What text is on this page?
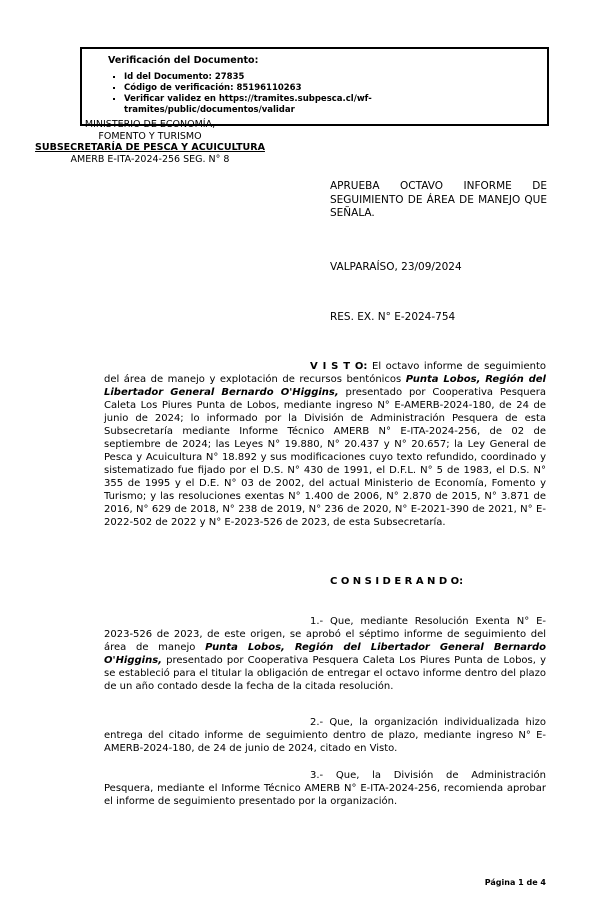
Verificación del Documento:
▪ Id del Documento: 27835
▪ Código de verificación: 85196110263
▪ Verificar validez en https://tramites.subpesca.cl/wf-tramites/public/documentos/validar
MINISTERIO DE ECONOMÍA,
FOMENTO Y TURISMO
SUBSECRETARÍA DE PESCA Y ACUICULTURA
AMERB E-ITA-2024-256 SEG. N° 8
APRUEBA OCTAVO INFORME DE SEGUIMIENTO DE ÁREA DE MANEJO QUE SEÑALA.
VALPARAÍSO, 23/09/2024
RES. EX. N° E-2024-754
V I S T O: El octavo informe de seguimiento del área de manejo y explotación de recursos bentónicos Punta Lobos, Región del Libertador General Bernardo O'Higgins, presentado por Cooperativa Pesquera Caleta Los Piures Punta de Lobos, mediante ingreso N° E-AMERB-2024-180, de 24 de junio de 2024; lo informado por la División de Administración Pesquera de esta Subsecretaría mediante Informe Técnico AMERB N° E-ITA-2024-256, de 02 de septiembre de 2024; las Leyes N° 19.880, N° 20.437 y N° 20.657; la Ley General de Pesca y Acuicultura N° 18.892 y sus modificaciones cuyo texto refundido, coordinado y sistematizado fue fijado por el D.S. N° 430 de 1991, el D.F.L. N° 5 de 1983, el D.S. N° 355 de 1995 y el D.E. N° 03 de 2002, del actual Ministerio de Economía, Fomento y Turismo; y las resoluciones exentas N° 1.400 de 2006, N° 2.870 de 2015, N° 3.871 de 2016, N° 629 de 2018, N° 238 de 2019, N° 236 de 2020, N° E-2021-390 de 2021, N° E-2022-502 de 2022 y N° E-2023-526 de 2023, de esta Subsecretaría.
C O N S I D E R A N D O:
1.- Que, mediante Resolución Exenta N° E-2023-526 de 2023, de este origen, se aprobó el séptimo informe de seguimiento del área de manejo Punta Lobos, Región del Libertador General Bernardo O'Higgins, presentado por Cooperativa Pesquera Caleta Los Piures Punta de Lobos, y se estableció para el titular la obligación de entregar el octavo informe dentro del plazo de un año contado desde la fecha de la citada resolución.
2.- Que, la organización individualizada hizo entrega del citado informe de seguimiento dentro de plazo, mediante ingreso N° E-AMERB-2024-180, de 24 de junio de 2024, citado en Visto.
3.- Que, la División de Administración Pesquera, mediante el Informe Técnico AMERB N° E-ITA-2024-256, recomienda aprobar el informe de seguimiento presentado por la organización.
Página 1 de 4
